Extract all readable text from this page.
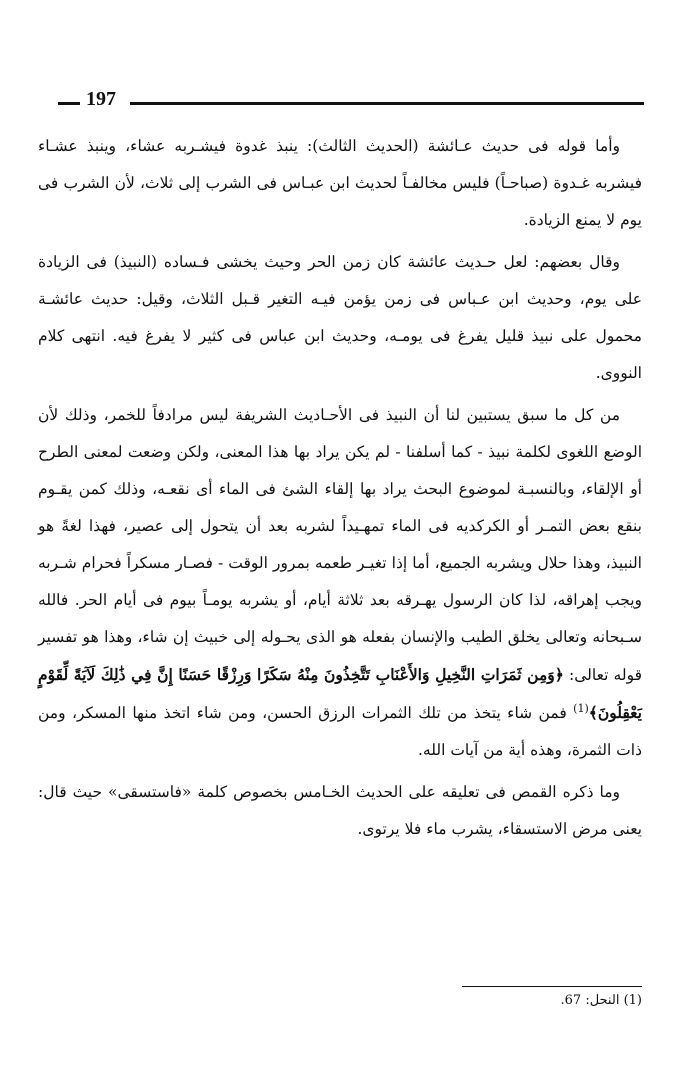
197

وأما قوله فى حديث عـائشة (الحديث الثالث): ينبذ غدوة فيشـربه عشاء، وينبذ عشـاء فيشربه غـدوة (صباحـاً) فليس مخالفـاً لحديث ابن عبـاس فى الشرب إلى ثلاث، لأن الشرب فى يوم لا يمنع الزيادة.

وقال بعضهم: لعل حـديث عائشة كان زمن الحر وحيث يخشى فـساده (النبيذ) فى الزيادة على يوم، وحديث ابن عـباس فى زمن يؤمن فيـه التغير قـبل الثلاث، وقيل: حديث عائشـة محمول على نبيذ قليل يفرغ فى يومـه، وحديث ابن عباس فى كثير لا يفرغ فيه. انتهى كلام النووى.

من كل ما سبق يستبين لنا أن النبيذ فى الأحـاديث الشريفة ليس مرادفاً للخمر، وذلك لأن الوضع اللغوى لكلمة نبيذ - كما أسلفنا - لم يكن يراد بها هذا المعنى، ولكن وضعت لمعنى الطرح أو الإلقاء، وبالنسبـة لموضوع البحث يراد بها إلقاء الشئ فى الماء أى نقعـه، وذلك كمن يقـوم بنقع بعض التمـر أو الكركديه فى الماء تمهـيداً لشربه بعد أن يتحول إلى عصير، فهذا لغةً هو النبيذ، وهذا حلال ويشربه الجميع، أما إذا تغيـر طعمه بمرور الوقت - فصـار مسكراً فحرام شـربه ويجب إهراقه، لذا كان الرسول يهـرقه بعد ثلاثة أيام، أو يشربه يومـاً بيوم فى أيام الحر. فالله سـبحانه وتعالى يخلق الطيب والإنسان بفعله هو الذى يحـوله إلى خبيث إن شاء، وهذا هو تفسير قوله تعالى: ﴿وَمِن ثَمَرَاتِ النَّخِيلِ وَالأَعْنَابِ تَتَّخِذُونَ مِنْهُ سَكَرًا وَرِزْقًا حَسَنًا إِنَّ فِي ذَٰلِكَ لَآيَةً لِّقَوْمٍ يَعْقِلُونَ﴾$^{(1)}$ فمن شاء يتخذ من تلك الثمرات الرزق الحسن، ومن شاء اتخذ منها المسكر، ومن ذات الثمرة، وهذه أية من آيات الله.

وما ذكره القمص فى تعليقه على الحديث الخـامس بخصوص كلمة «فاستسقى» حيث قال: يعنى مرض الاستسقاء، يشرب ماء فلا يرتوى.

(1) النحل: 67.
